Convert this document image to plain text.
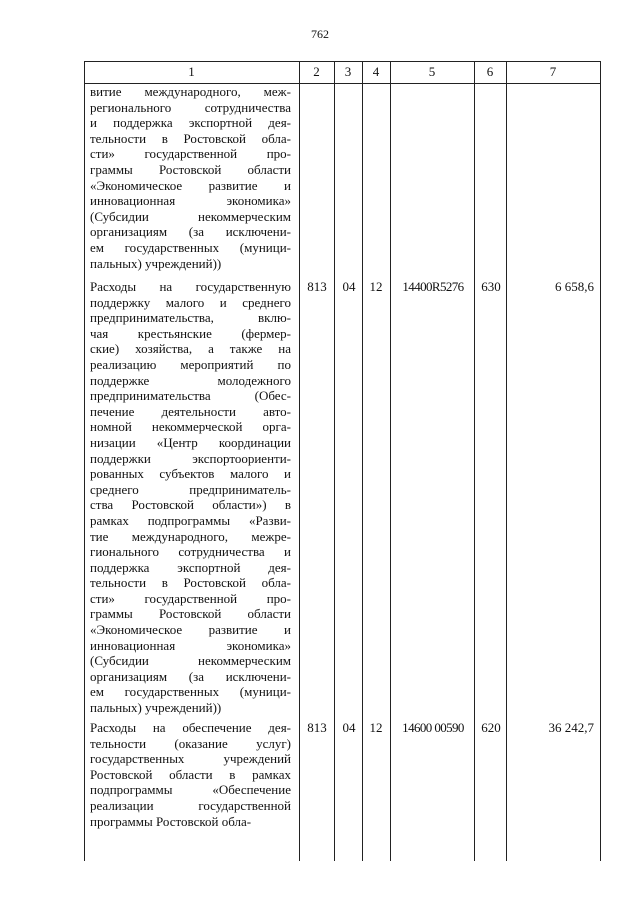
762
1	2	3	4	5	6	7
витие международного, меж-
регионального сотрудничества
и поддержка экспортной дея-
тельности в Ростовской обла-
сти» государственной про-
граммы Ростовской области
«Экономическое развитие и
инновационная экономика»
(Субсидии некоммерческим
организациям (за исключени-
ем государственных (муници-
пальных) учреждений))
Расходы на государственную
поддержку малого и среднего
предпринимательства, вклю-
чая крестьянские (фермер-
ские) хозяйства, а также на
реализацию мероприятий по
поддержке молодежного
предпринимательства (Обес-
печение деятельности авто-
номной некоммерческой орга-
низации «Центр координации
поддержки экспортоориенти-
рованных субъектов малого и
среднего предприниматель-
ства Ростовской области») в
рамках подпрограммы «Разви-
тие международного, межре-
гионального сотрудничества и
поддержка экспортной дея-
тельности в Ростовской обла-
сти» государственной про-
граммы Ростовской области
«Экономическое развитие и
инновационная экономика»
(Субсидии некоммерческим
организациям (за исключени-
ем государственных (муници-
пальных) учреждений))
813	04	12	14400R5276	630	6 658,6
Расходы на обеспечение дея-
тельности (оказание услуг)
государственных учреждений
Ростовской области в рамках
подпрограммы «Обеспечение
реализации государственной
программы Ростовской обла-
813	04	12	14600 00590	620	36 242,7
